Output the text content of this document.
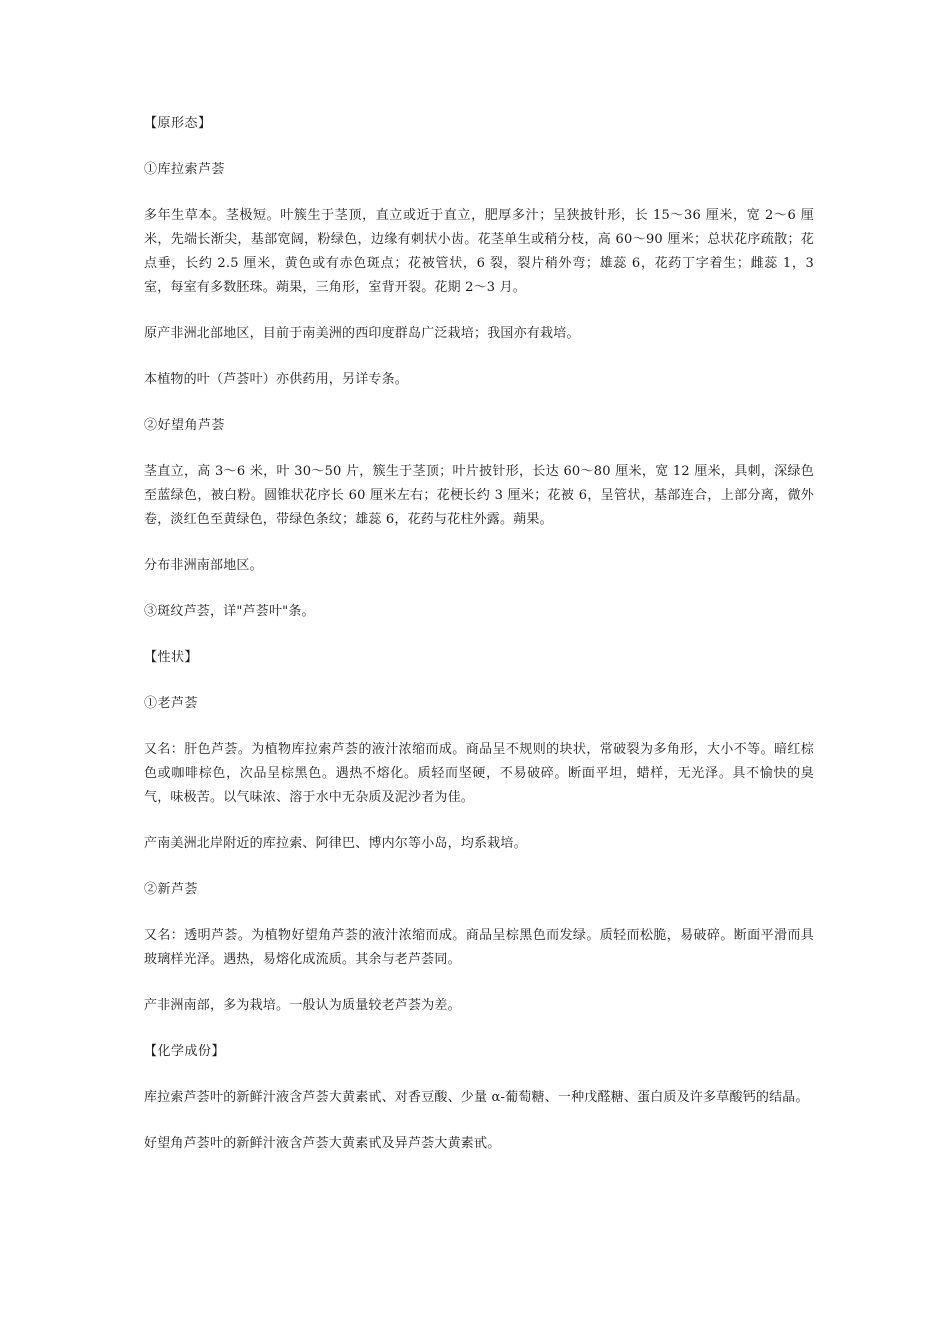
【原形态】

①库拉索芦荟

多年生草本。茎极短。叶簇生于茎顶，直立或近于直立，肥厚多汁；呈狭披针形，长 15～36 厘米，宽 2～6 厘米，先端长渐尖，基部宽阔，粉绿色，边缘有刺状小齿。花茎单生或稍分枝，高 60～90 厘米；总状花序疏散；花点垂，长约 2.5 厘米，黄色或有赤色斑点；花被管状，6 裂，裂片稍外弯；雄蕊 6，花药丁字着生；雌蕊 1，3 室，每室有多数胚珠。蒴果，三角形，室背开裂。花期 2～3 月。

原产非洲北部地区，目前于南美洲的西印度群岛广泛栽培；我国亦有栽培。

本植物的叶（芦荟叶）亦供药用，另详专条。

②好望角芦荟

茎直立，高 3～6 米，叶 30～50 片，簇生于茎顶；叶片披针形，长达 60～80 厘米，宽 12 厘米，具刺，深绿色至蓝绿色，被白粉。圆锥状花序长 60 厘米左右；花梗长约 3 厘米；花被 6，呈管状，基部连合，上部分离，微外卷，淡红色至黄绿色，带绿色条纹；雄蕊 6，花药与花柱外露。蒴果。

分布非洲南部地区。

③斑纹芦荟，详"芦荟叶"条。

【性状】

①老芦荟

又名：肝色芦荟。为植物库拉索芦荟的液汁浓缩而成。商品呈不规则的块状，常破裂为多角形，大小不等。暗红棕色或咖啡棕色，次品呈棕黑色。遇热不熔化。质轻而坚硬，不易破碎。断面平坦，蜡样，无光泽。具不愉快的臭气，味极苦。以气味浓、溶于水中无杂质及泥沙者为佳。

产南美洲北岸附近的库拉索、阿律巴、博内尔等小岛，均系栽培。

②新芦荟

又名：透明芦荟。为植物好望角芦荟的液汁浓缩而成。商品呈棕黑色而发绿。质轻而松脆，易破碎。断面平滑而具玻璃样光泽。遇热，易熔化成流质。其余与老芦荟同。

产非洲南部，多为栽培。一般认为质量较老芦荟为差。

【化学成份】

库拉索芦荟叶的新鲜汁液含芦荟大黄素甙、对香豆酸、少量 α-葡萄糖、一种戊醛糖、蛋白质及许多草酸钙的结晶。

好望角芦荟叶的新鲜汁液含芦荟大黄素甙及异芦荟大黄素甙。
